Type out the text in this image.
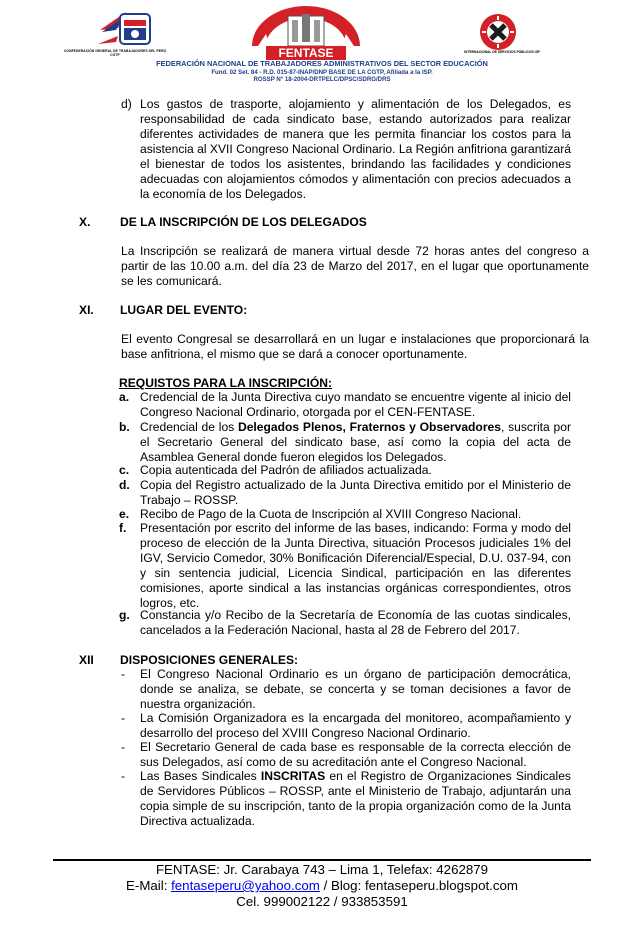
CONFEDERACIÓN GENERAL DE TRABAJADORES DEL PERÚ CGTP	FENTASE	INTERNACIONAL DE SERVICIOS PÚBLICOS ISP
FEDERACIÓN NACIONAL DE TRABAJADORES ADMINISTRATIVOS DEL SECTOR EDUCACIÓN
Fund. 02 Set. 84 - R.D. 015-87-INAP/DNP BASE DE LA CGTP, Afiliada a la ISP.
ROSSP N° 18-2004-DRTPELC/DPSC/SDRG/DRS
d) Los gastos de trasporte, alojamiento y alimentación de los Delegados, es responsabilidad de cada sindicato base, estando autorizados para realizar diferentes actividades de manera que les permita financiar los costos para la asistencia al XVII Congreso Nacional Ordinario. La Región anfitriona garantizará el bienestar de todos los asistentes, brindando las facilidades y condiciones adecuadas con alojamientos cómodos y alimentación con precios adecuados a la economía de los Delegados.
X. DE LA INSCRIPCIÓN DE LOS DELEGADOS
La Inscripción se realizará de manera virtual desde 72 horas antes del congreso a partir de las 10.00 a.m. del día 23 de Marzo del 2017, en el lugar que oportunamente se les comunicará.
XI. LUGAR DEL EVENTO:
El evento Congresal se desarrollará en un lugar e instalaciones que proporcionará la base anfitriona, el mismo que se dará a conocer oportunamente.
REQUISTOS PARA LA INSCRIPCIÓN:
a. Credencial de la Junta Directiva cuyo mandato se encuentre vigente al inicio del Congreso Nacional Ordinario, otorgada por el CEN-FENTASE.
b. Credencial de los Delegados Plenos, Fraternos y Observadores, suscrita por el Secretario General del sindicato base, así como la copia del acta de Asamblea General donde fueron elegidos los Delegados.
c. Copia autenticada del Padrón de afiliados actualizada.
d. Copia del Registro actualizado de la Junta Directiva emitido por el Ministerio de Trabajo – ROSSP.
e. Recibo de Pago de la Cuota de Inscripción al XVIII Congreso Nacional.
f. Presentación por escrito del informe de las bases, indicando: Forma y modo del proceso de elección de la Junta Directiva, situación Procesos judiciales 1% del IGV, Servicio Comedor, 30% Bonificación Diferencial/Especial, D.U. 037-94, con y sin sentencia judicial, Licencia Sindical, participación en las diferentes comisiones, aporte sindical a las instancias orgánicas correspondientes, otros logros, etc.
g. Constancia y/o Recibo de la Secretaría de Economía de las cuotas sindicales, cancelados a la Federación Nacional, hasta al 28 de Febrero del 2017.
XII DISPOSICIONES GENERALES:
- El Congreso Nacional Ordinario es un órgano de participación democrática, donde se analiza, se debate, se concerta y se toman decisiones a favor de nuestra organización.
- La Comisión Organizadora es la encargada del monitoreo, acompañamiento y desarrollo del proceso del XVIII Congreso Nacional Ordinario.
- El Secretario General de cada base es responsable de la correcta elección de sus Delegados, así como de su acreditación ante el Congreso Nacional.
- Las Bases Sindicales INSCRITAS en el Registro de Organizaciones Sindicales de Servidores Públicos – ROSSP, ante el Ministerio de Trabajo, adjuntarán una copia simple de su inscripción, tanto de la propia organización como de la Junta Directiva actualizada.
FENTASE: Jr. Carabaya 743 – Lima 1, Telefax: 4262879
E-Mail: fentaseperu@yahoo.com / Blog: fentaseperu.blogspot.com
Cel. 999002122 / 933853591
